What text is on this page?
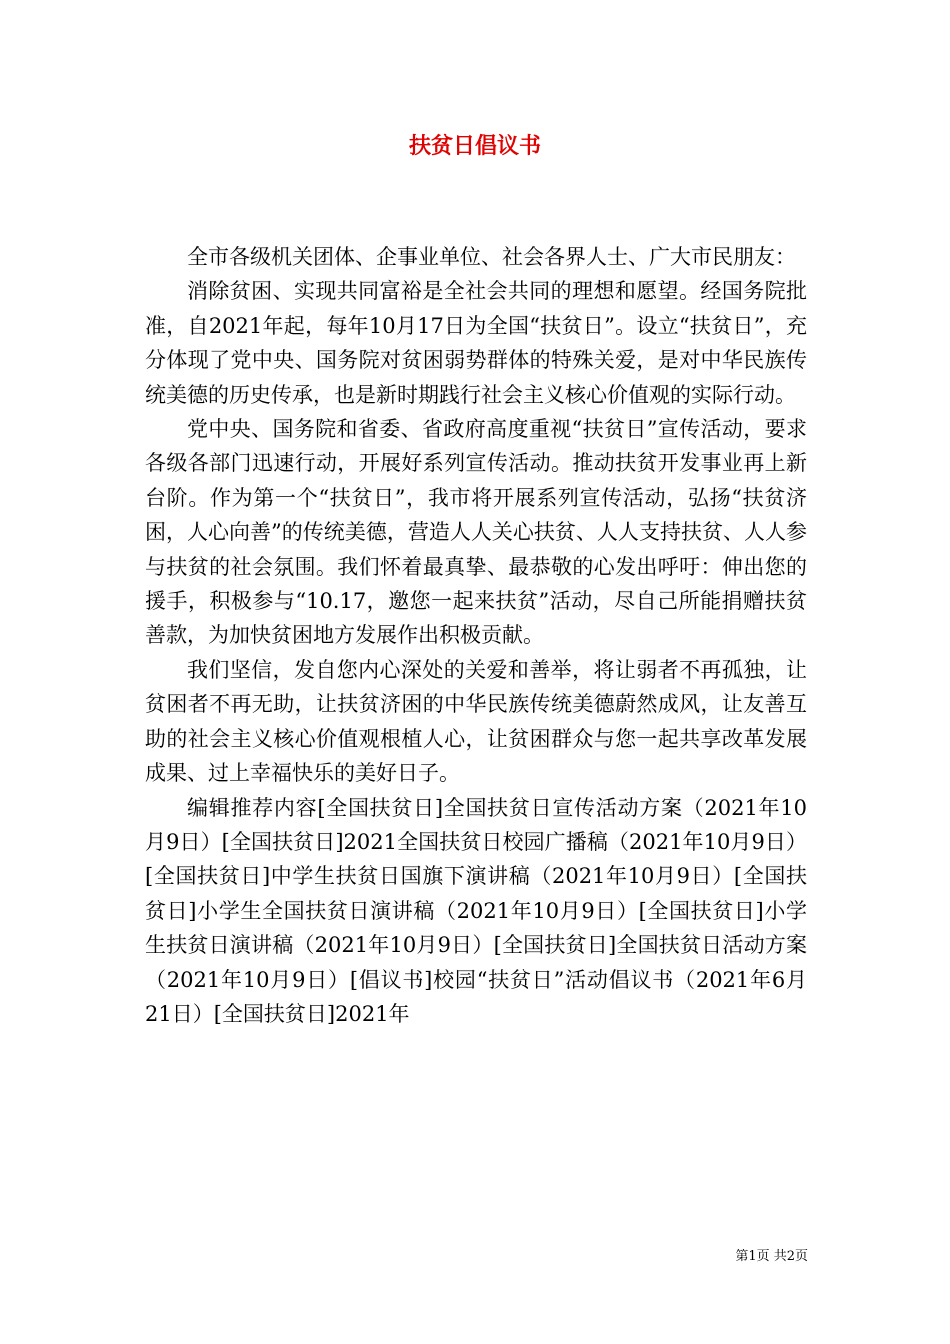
扶贫日倡议书

全市各级机关团体、企事业单位、社会各界人士、广大市民朋友：

消除贫困、实现共同富裕是全社会共同的理想和愿望。经国务院批准，自2021年起，每年10月17日为全国“扶贫日”。设立“扶贫日”，充分体现了党中央、国务院对贫困弱势群体的特殊关爱，是对中华民族传统美德的历史传承，也是新时期践行社会主义核心价值观的实际行动。

党中央、国务院和省委、省政府高度重视“扶贫日”宣传活动，要求各级各部门迅速行动，开展好系列宣传活动。推动扶贫开发事业再上新台阶。作为第一个“扶贫日”，我市将开展系列宣传活动，弘扬“扶贫济困，人心向善”的传统美德，营造人人关心扶贫、人人支持扶贫、人人参与扶贫的社会氛围。我们怀着最真挚、最恭敬的心发出呼吁：伸出您的援手，积极参与“10.17，邀您一起来扶贫”活动，尽自己所能捐赠扶贫善款，为加快贫困地方发展作出积极贡献。

我们坚信，发自您内心深处的关爱和善举，将让弱者不再孤独，让贫困者不再无助，让扶贫济困的中华民族传统美德蔚然成风，让友善互助的社会主义核心价值观根植人心，让贫困群众与您一起共享改革发展成果、过上幸福快乐的美好日子。

编辑推荐内容[全国扶贫日]全国扶贫日宣传活动方案（2021年10月9日）[全国扶贫日]2021全国扶贫日校园广播稿（2021年10月9日）[全国扶贫日]中学生扶贫日国旗下演讲稿（2021年10月9日）[全国扶贫日]小学生全国扶贫日演讲稿（2021年10月9日）[全国扶贫日]小学生扶贫日演讲稿（2021年10月9日）[全国扶贫日]全国扶贫日活动方案（2021年10月9日）[倡议书]校园“扶贫日”活动倡议书（2021年6月21日）[全国扶贫日]2021年

第1页 共2页
